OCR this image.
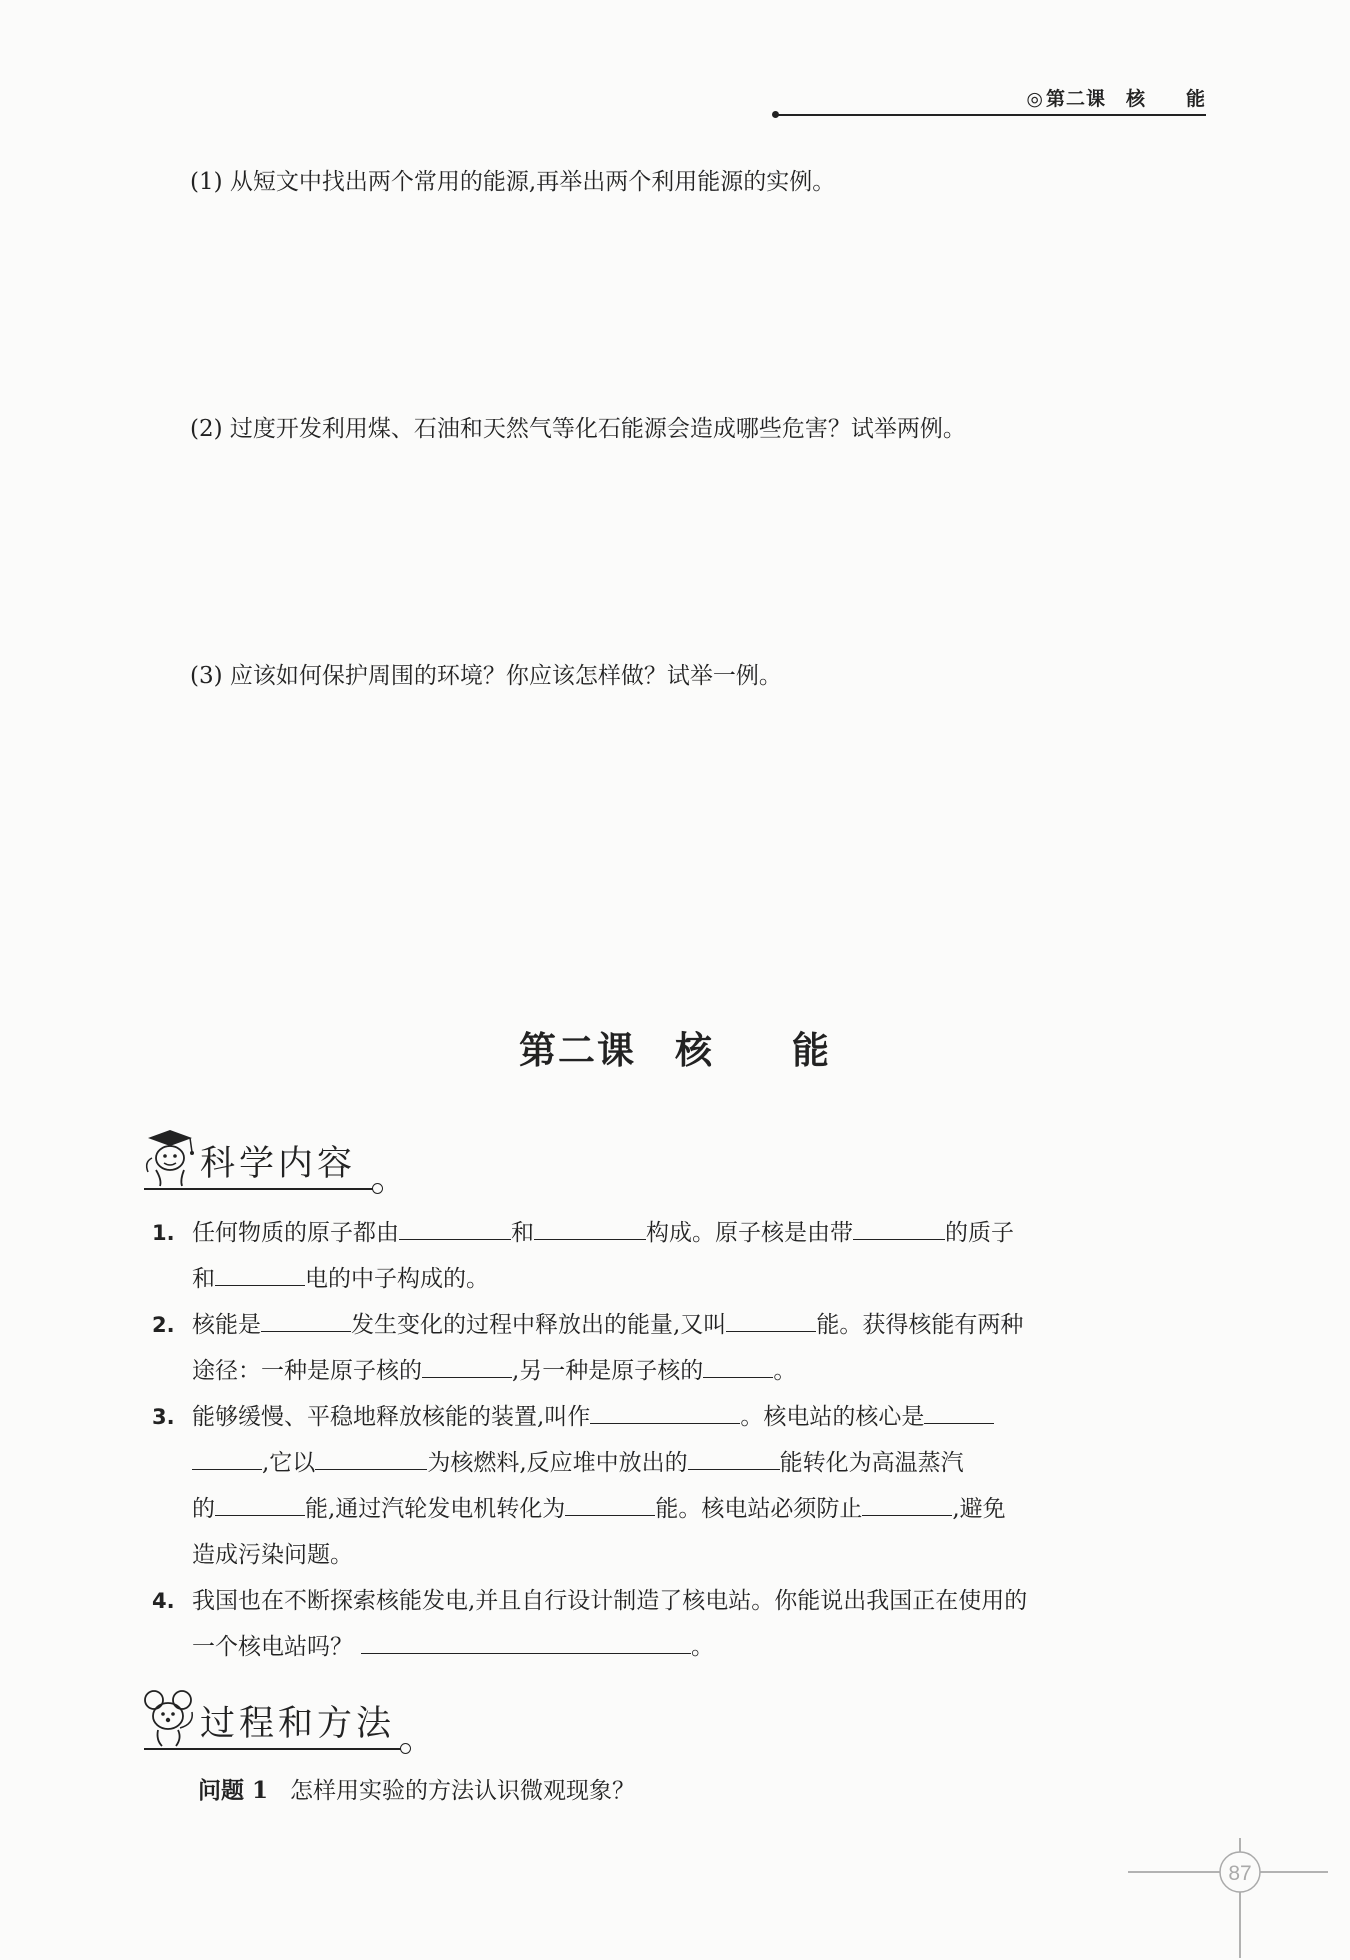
◎ 第二课　核　　能
(1) 从短文中找出两个常用的能源,再举出两个利用能源的实例。
(2) 过度开发利用煤、石油和天然气等化石能源会造成哪些危害？试举两例。
(3) 应该如何保护周围的环境？你应该怎样做？试举一例。
第二课　核　　能
科学内容
1. 任何物质的原子都由	和	构成。原子核是由带	的质子
和	电的中子构成的。
2. 核能是	发生变化的过程中释放出的能量,又叫	能。获得核能有两种
途径：一种是原子核的	,另一种是原子核的	。
3. 能够缓慢、平稳地释放核能的装置,叫作	。核电站的核心是
,它以	为核燃料,反应堆中放出的	能转化为高温蒸汽
的	能,通过汽轮发电机转化为	能。核电站必须防止	,避免
造成污染问题。
4. 我国也在不断探索核能发电,并且自行设计制造了核电站。你能说出我国正在使用的
一个核电站吗？	。
过程和方法
问题 1 怎样用实验的方法认识微观现象？
87
